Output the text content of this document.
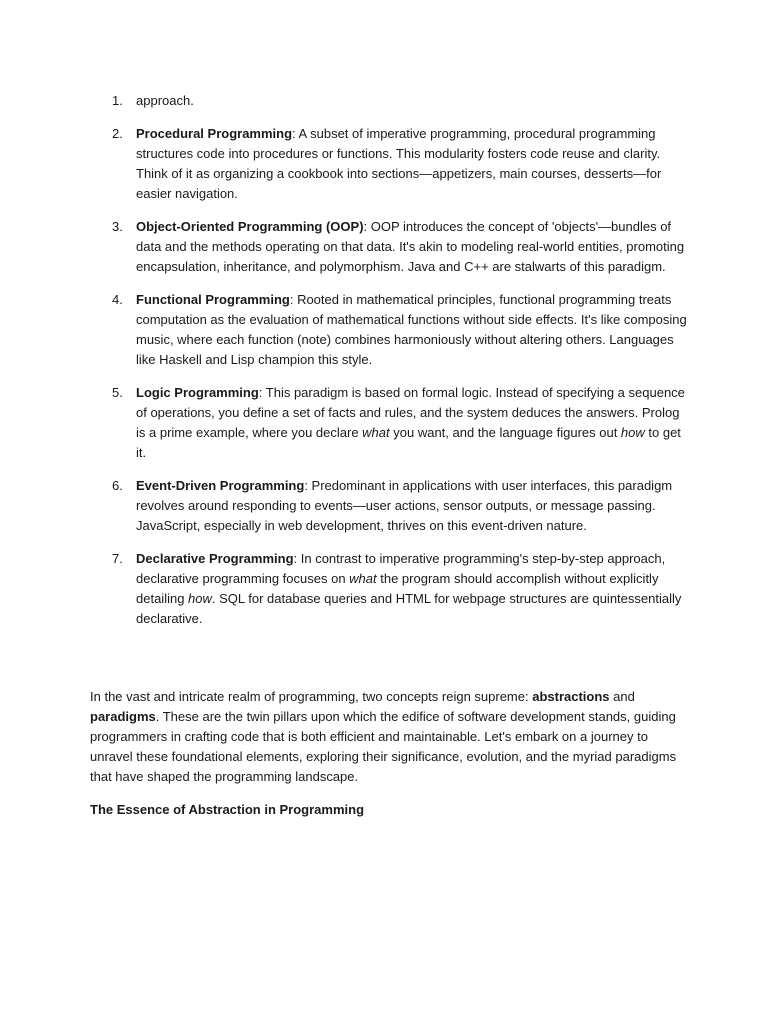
1.	approach.
2.	Procedural Programming: A subset of imperative programming, procedural programming structures code into procedures or functions. This modularity fosters code reuse and clarity. Think of it as organizing a cookbook into sections—appetizers, main courses, desserts—for easier navigation.
3.	Object-Oriented Programming (OOP): OOP introduces the concept of 'objects'—bundles of data and the methods operating on that data. It's akin to modeling real-world entities, promoting encapsulation, inheritance, and polymorphism. Java and C++ are stalwarts of this paradigm.
4.	Functional Programming: Rooted in mathematical principles, functional programming treats computation as the evaluation of mathematical functions without side effects. It's like composing music, where each function (note) combines harmoniously without altering others. Languages like Haskell and Lisp champion this style.
5.	Logic Programming: This paradigm is based on formal logic. Instead of specifying a sequence of operations, you define a set of facts and rules, and the system deduces the answers. Prolog is a prime example, where you declare what you want, and the language figures out how to get it.
6.	Event-Driven Programming: Predominant in applications with user interfaces, this paradigm revolves around responding to events—user actions, sensor outputs, or message passing. JavaScript, especially in web development, thrives on this event-driven nature.
7.	Declarative Programming: In contrast to imperative programming's step-by-step approach, declarative programming focuses on what the program should accomplish without explicitly detailing how. SQL for database queries and HTML for webpage structures are quintessentially declarative.

In the vast and intricate realm of programming, two concepts reign supreme: abstractions and paradigms. These are the twin pillars upon which the edifice of software development stands, guiding programmers in crafting code that is both efficient and maintainable. Let's embark on a journey to unravel these foundational elements, exploring their significance, evolution, and the myriad paradigms that have shaped the programming landscape.

The Essence of Abstraction in Programming
